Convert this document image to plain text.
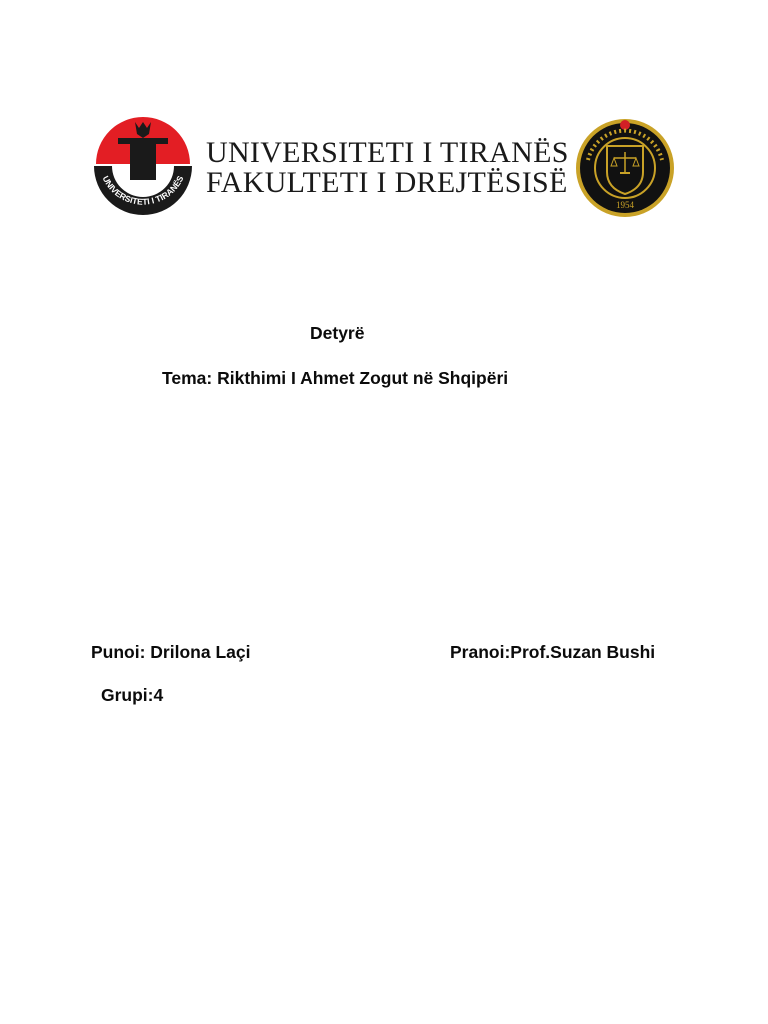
UNIVERSITETI I TIRANËS
UNIVERSITETI I TIRANËS
FAKULTETI I DREJTËSISË
1954
Detyrë
Tema: Rikthimi I Ahmet Zogut në Shqipëri
Punoi: Drilona Laçi	Pranoi:Prof.Suzan Bushi
Grupi:4
